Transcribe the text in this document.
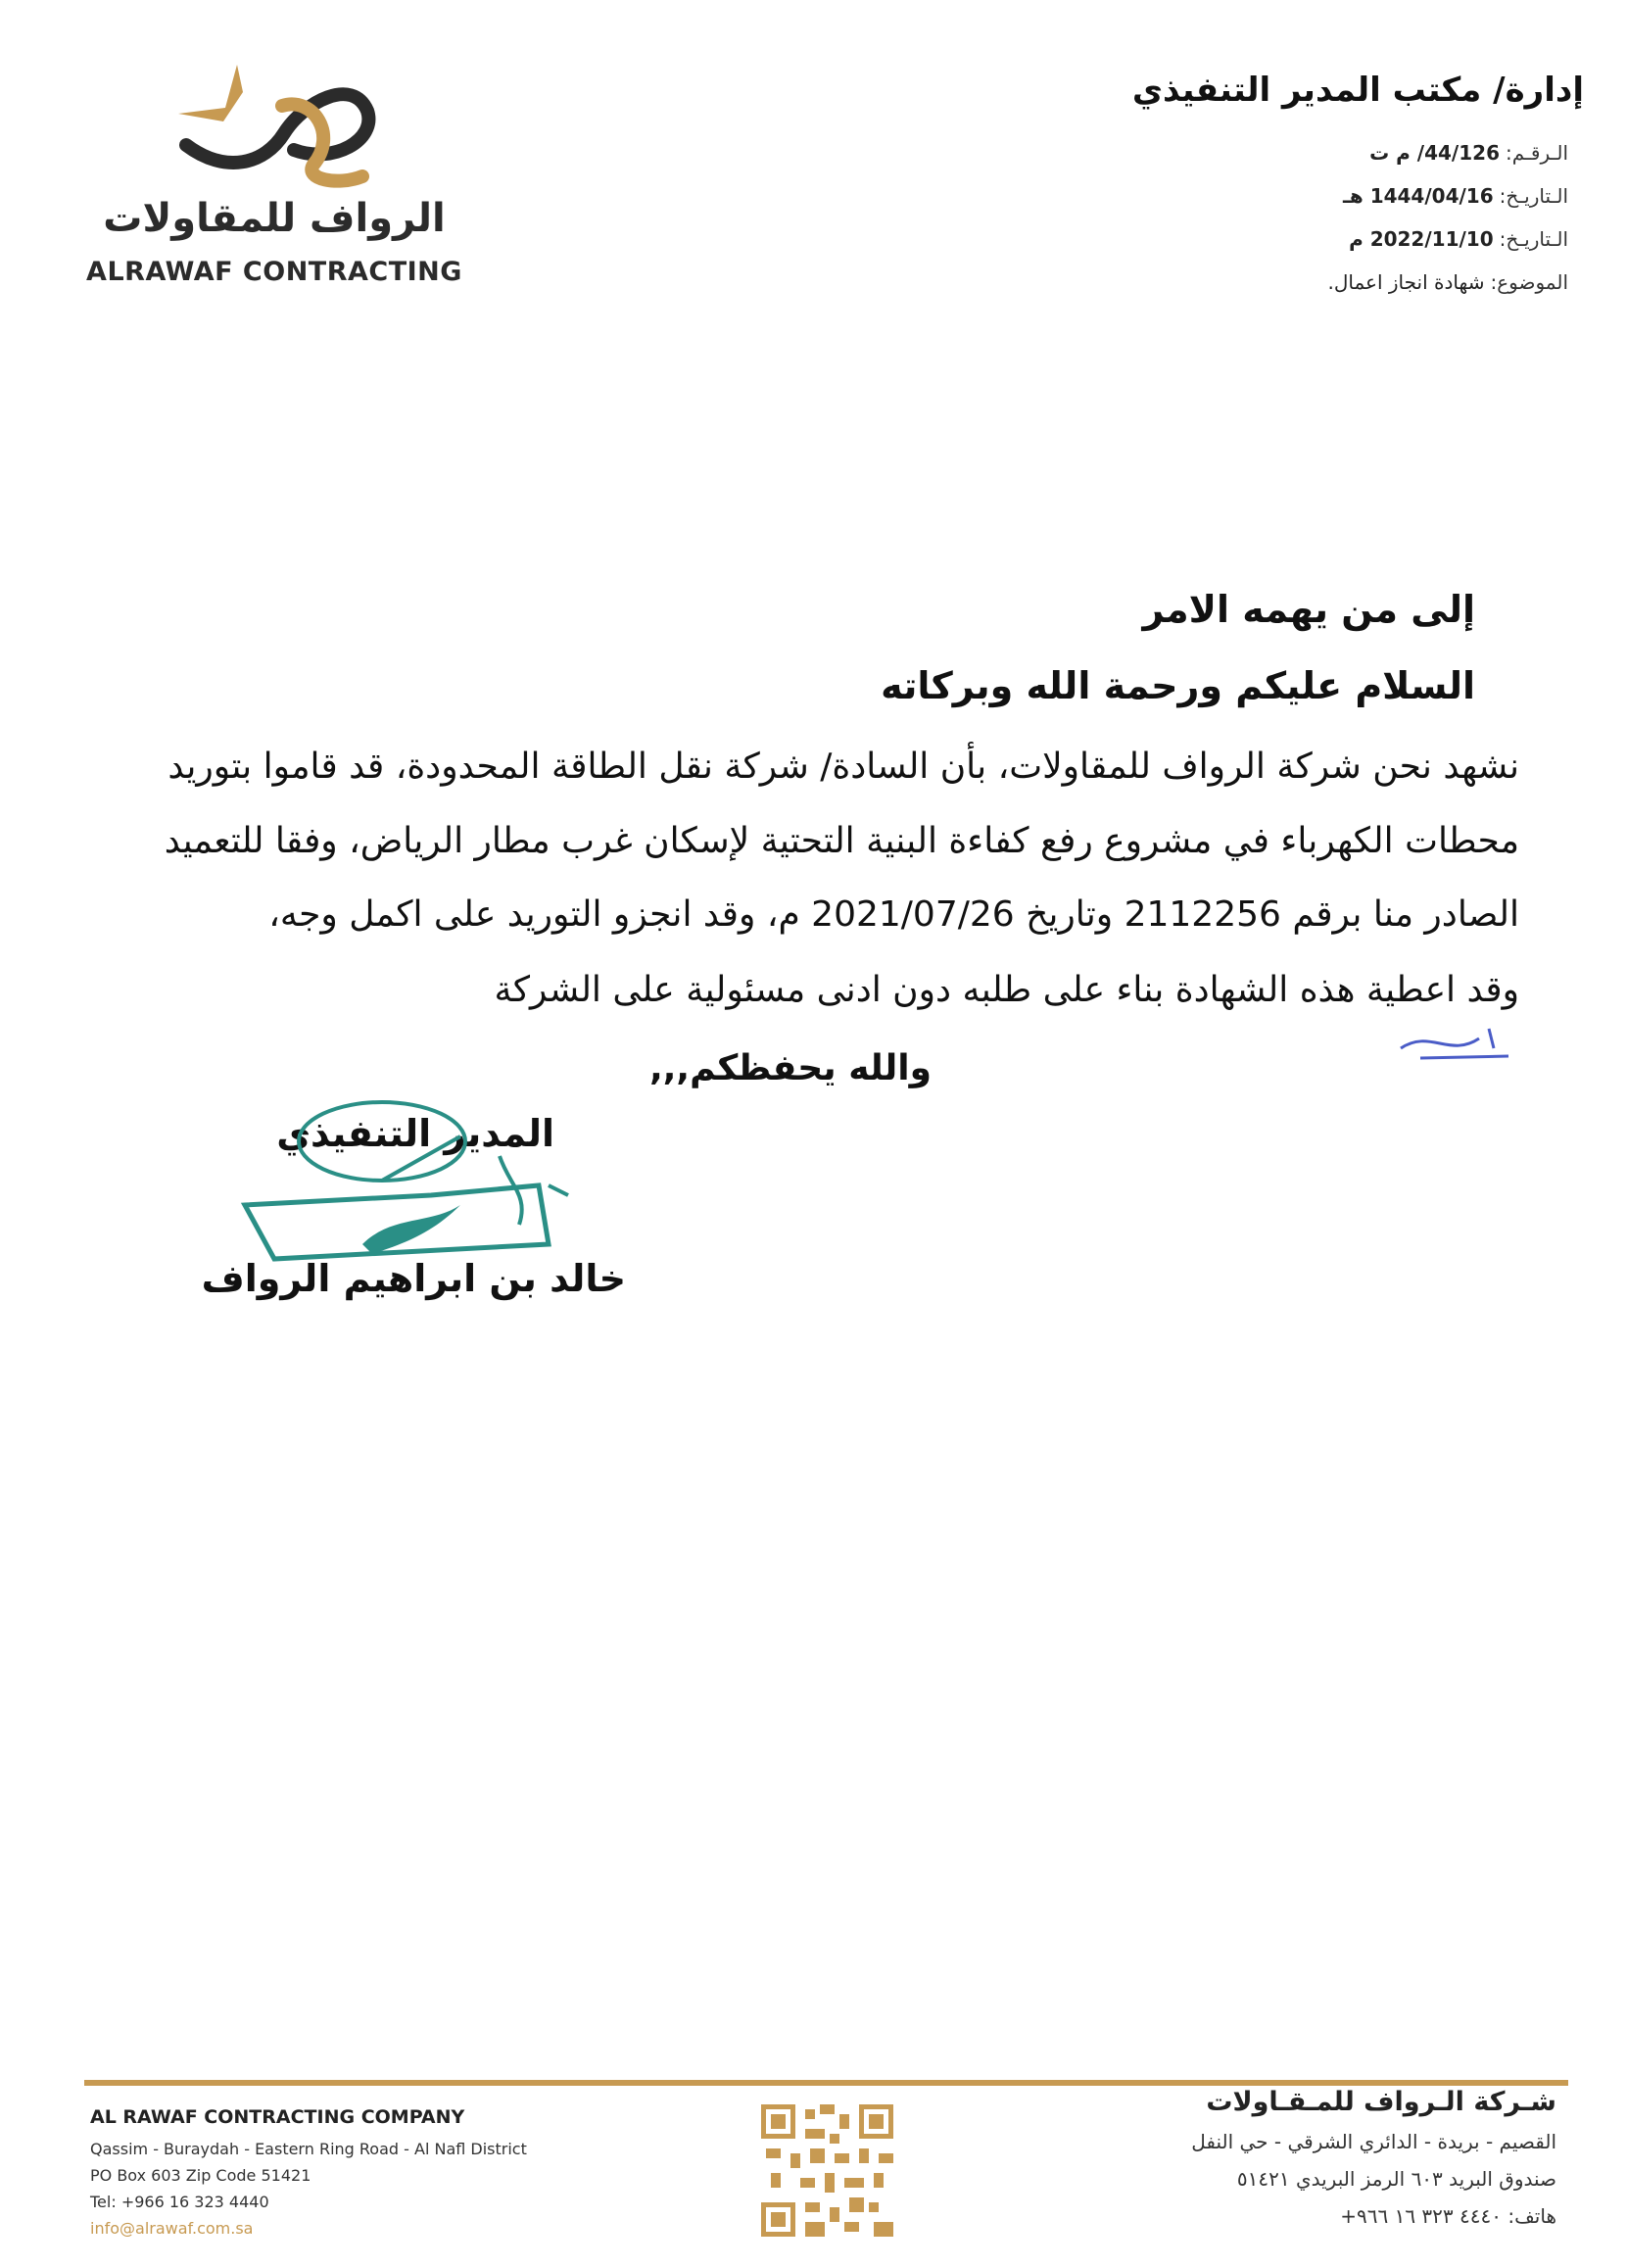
الرواف للمقاولات
ALRAWAF CONTRACTING
إدارة/ مكتب المدير التنفيذي
الـرقـم:44/126/ م ت
الـتاريـخ:1444/04/16 هـ
الـتاريـخ:2022/11/10 م
الموضوع:شهادة انجاز اعمال.
إلى من يهمه الامر
السلام عليكم ورحمة الله وبركاته
نشهد نحن شركة الرواف للمقاولات، بأن السادة/ شركة نقل الطاقة المحدودة، قد قاموا بتوريد
محطات الكهرباء في مشروع رفع كفاءة البنية التحتية لإسكان غرب مطار الرياض، وفقا للتعميد
الصادر منا برقم 2112256 وتاريخ 2021/07/26 م، وقد انجزو التوريد على اكمل وجه،
وقد اعطية هذه الشهادة بناء على طلبه دون ادنى مسئولية على الشركة
والله يحفظكم,,,
المدير التنفيذي
خالد بن ابراهيم الرواف
AL RAWAF CONTRACTING COMPANY
Qassim - Buraydah - Eastern Ring Road - Al Nafl District
PO Box 603 Zip Code 51421
Tel: +966 16 323 4440
info@alrawaf.com.sa
شـركة الـرواف للمـقـاولات
القصيم - بريدة - الدائري الشرقي - حي النفل
صندوق البريد ٦٠٣ الرمز البريدي ٥١٤٢١
هاتف: ٤٤٤٠ ٣٢٣ ١٦ ٩٦٦+
